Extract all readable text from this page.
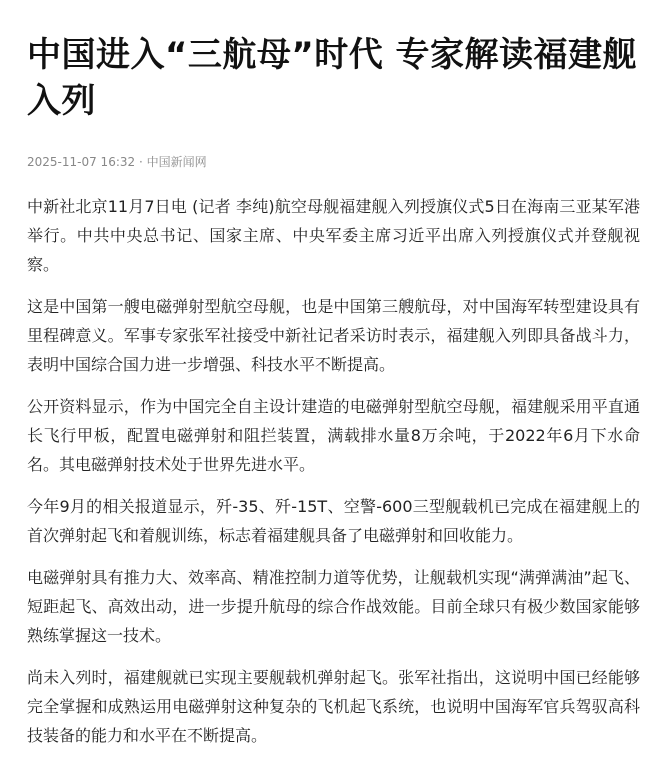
中国进入“三航母”时代 专家解读福建舰入列
2025-11-07 16:32 · 中国新闻网

中新社北京11月7日电 (记者 李纯)航空母舰福建舰入列授旗仪式5日在海南三亚某军港举行。中共中央总书记、国家主席、中央军委主席习近平出席入列授旗仪式并登舰视察。

这是中国第一艘电磁弹射型航空母舰，也是中国第三艘航母，对中国海军转型建设具有里程碑意义。军事专家张军社接受中新社记者采访时表示，福建舰入列即具备战斗力，表明中国综合国力进一步增强、科技水平不断提高。

公开资料显示，作为中国完全自主设计建造的电磁弹射型航空母舰，福建舰采用平直通长飞行甲板，配置电磁弹射和阻拦装置，满载排水量8万余吨，于2022年6月下水命名。其电磁弹射技术处于世界先进水平。

今年9月的相关报道显示，歼-35、歼-15T、空警-600三型舰载机已完成在福建舰上的首次弹射起飞和着舰训练，标志着福建舰具备了电磁弹射和回收能力。

电磁弹射具有推力大、效率高、精准控制力道等优势，让舰载机实现“满弹满油”起飞、短距起飞、高效出动，进一步提升航母的综合作战效能。目前全球只有极少数国家能够熟练掌握这一技术。

尚未入列时，福建舰就已实现主要舰载机弹射起飞。张军社指出，这说明中国已经能够完全掌握和成熟运用电磁弹射这种复杂的飞机起飞系统，也说明中国海军官兵驾驭高科技装备的能力和水平在不断提高。
